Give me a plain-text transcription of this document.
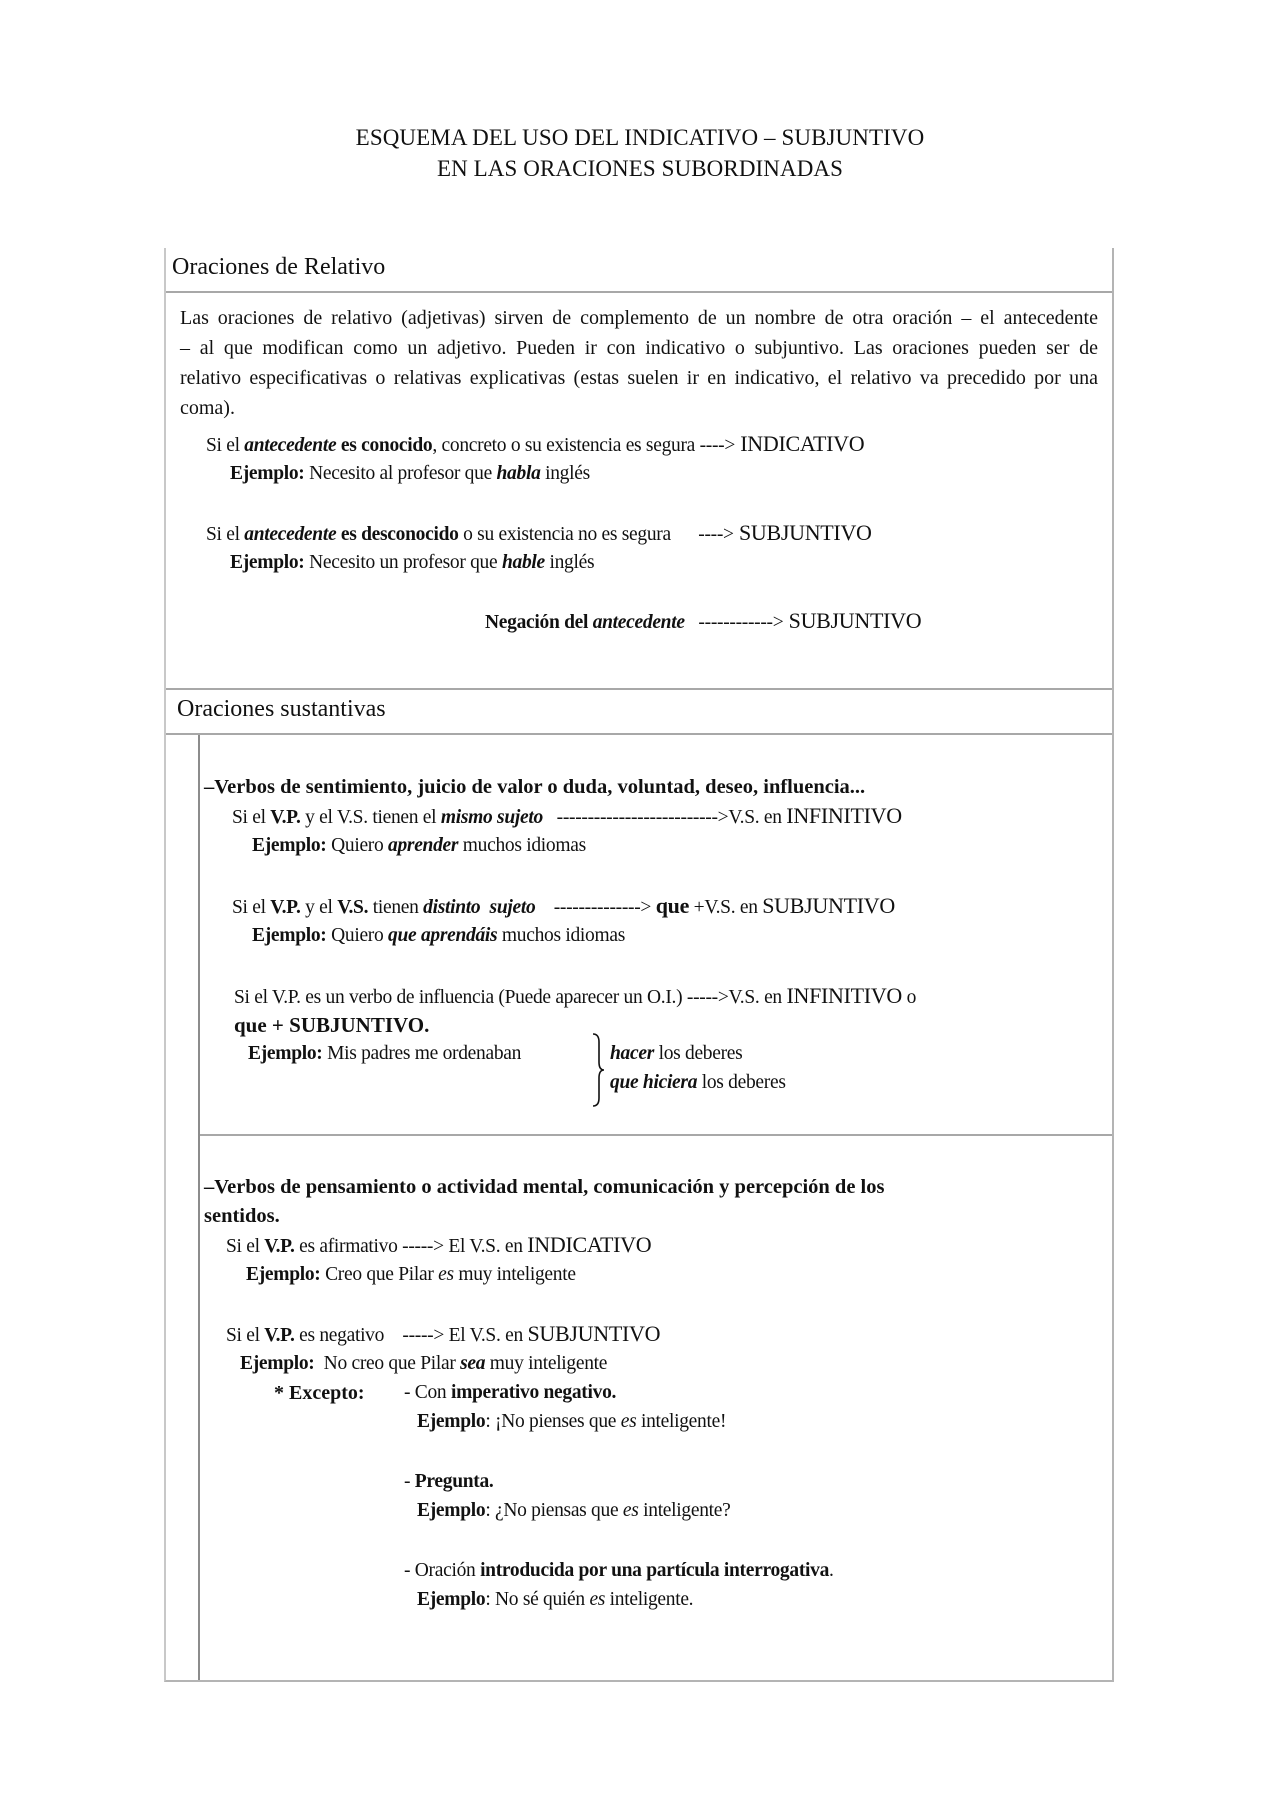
ESQUEMA DEL USO DEL INDICATIVO – SUBJUNTIVO
EN LAS ORACIONES SUBORDINADAS
Oraciones de Relativo
Las oraciones de relativo (adjetivas) sirven de complemento de un nombre de otra oración – el antecedente – al que modifican como un adjetivo. Pueden ir con indicativo o subjuntivo. Las oraciones pueden ser de relativo especificativas o relativas explicativas (estas suelen ir en indicativo, el relativo va precedido por una coma).
Si el antecedente es conocido, concreto o su existencia es segura ----> INDICATIVO
Ejemplo: Necesito al profesor que habla inglés
Si el antecedente es desconocido o su existencia no es segura      ----> SUBJUNTIVO
Ejemplo: Necesito un profesor que hable inglés
Negación del antecedente   ------------> SUBJUNTIVO
Oraciones sustantivas
–Verbos de sentimiento, juicio de valor o duda, voluntad, deseo, influencia...
Si el V.P. y el V.S. tienen el mismo sujeto   -------------------------->V.S. en INFINITIVO
Ejemplo: Quiero aprender muchos idiomas
Si el V.P. y el V.S. tienen distinto  sujeto    --------------> que +V.S. en SUBJUNTIVO
Ejemplo: Quiero que aprendáis muchos idiomas
Si el V.P. es un verbo de influencia (Puede aparecer un O.I.) ----->V.S. en INFINITIVO o
que + SUBJUNTIVO.
Ejemplo: Mis padres me ordenaban	hacer los deberes
que hiciera los deberes
–Verbos de pensamiento o actividad mental, comunicación y percepción de los
sentidos.
Si el V.P. es afirmativo -----> El V.S. en INDICATIVO
Ejemplo: Creo que Pilar es muy inteligente
Si el V.P. es negativo    -----> El V.S. en SUBJUNTIVO
Ejemplo:  No creo que Pilar sea muy inteligente
* Excepto: - Con imperativo negativo.
Ejemplo: ¡No pienses que es inteligente!
- Pregunta.
Ejemplo: ¿No piensas que es inteligente?
- Oración introducida por una partícula interrogativa.
Ejemplo: No sé quién es inteligente.
